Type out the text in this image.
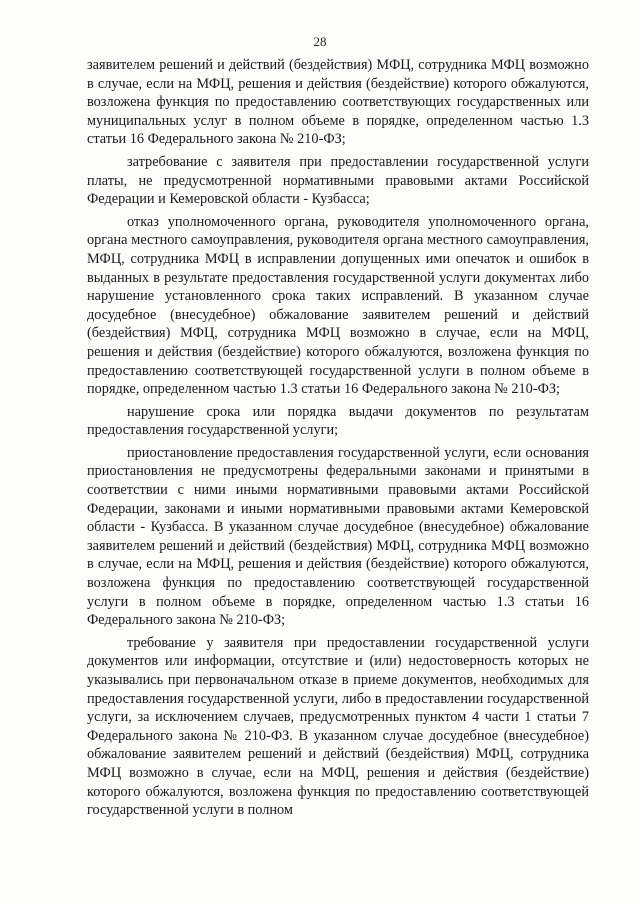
28

заявителем решений и действий (бездействия) МФЦ, сотрудника МФЦ возможно в случае, если на МФЦ, решения и действия (бездействие) которого обжалуются, возложена функция по предоставлению соответствующих государственных или муниципальных услуг в полном объеме в порядке, определенном частью 1.3 статьи 16 Федерального закона № 210-ФЗ;

затребование с заявителя при предоставлении государственной услуги платы, не предусмотренной нормативными правовыми актами Российской Федерации и Кемеровской области - Кузбасса;

отказ уполномоченного органа, руководителя уполномоченного органа, органа местного самоуправления, руководителя органа местного самоуправления, МФЦ, сотрудника МФЦ в исправлении допущенных ими опечаток и ошибок в выданных в результате предоставления государственной услуги документах либо нарушение установленного срока таких исправлений. В указанном случае досудебное (внесудебное) обжалование заявителем решений и действий (бездействия) МФЦ, сотрудника МФЦ возможно в случае, если на МФЦ, решения и действия (бездействие) которого обжалуются, возложена функция по предоставлению соответствующей государственной услуги в полном объеме в порядке, определенном частью 1.3 статьи 16 Федерального закона № 210-ФЗ;

нарушение срока или порядка выдачи документов по результатам предоставления государственной услуги;

приостановление предоставления государственной услуги, если основания приостановления не предусмотрены федеральными законами и принятыми в соответствии с ними иными нормативными правовыми актами Российской Федерации, законами и иными нормативными правовыми актами Кемеровской области - Кузбасса. В указанном случае досудебное (внесудебное) обжалование заявителем решений и действий (бездействия) МФЦ, сотрудника МФЦ возможно в случае, если на МФЦ, решения и действия (бездействие) которого обжалуются, возложена функция по предоставлению соответствующей государственной услуги в полном объеме в порядке, определенном частью 1.3 статьи 16 Федерального закона № 210-ФЗ;

требование у заявителя при предоставлении государственной услуги документов или информации, отсутствие и (или) недостоверность которых не указывались при первоначальном отказе в приеме документов, необходимых для предоставления государственной услуги, либо в предоставлении государственной услуги, за исключением случаев, предусмотренных пунктом 4 части 1 статьи 7 Федерального закона № 210-ФЗ. В указанном случае досудебное (внесудебное) обжалование заявителем решений и действий (бездействия) МФЦ, сотрудника МФЦ возможно в случае, если на МФЦ, решения и действия (бездействие) которого обжалуются, возложена функция по предоставлению соответствующей государственной услуги в полном
